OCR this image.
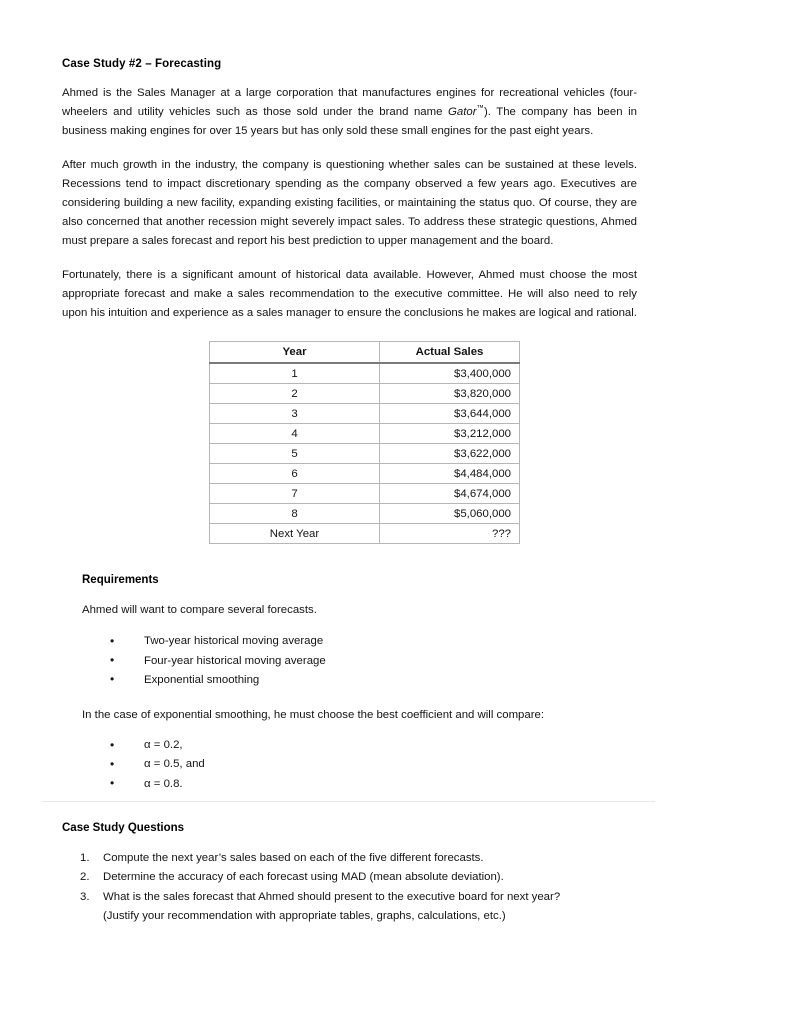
Case Study #2 – Forecasting

Ahmed is the Sales Manager at a large corporation that manufactures engines for recreational vehicles (four-wheelers and utility vehicles such as those sold under the brand name Gator™). The company has been in business making engines for over 15 years but has only sold these small engines for the past eight years.

After much growth in the industry, the company is questioning whether sales can be sustained at these levels. Recessions tend to impact discretionary spending as the company observed a few years ago. Executives are considering building a new facility, expanding existing facilities, or maintaining the status quo. Of course, they are also concerned that another recession might severely impact sales. To address these strategic questions, Ahmed must prepare a sales forecast and report his best prediction to upper management and the board.

Fortunately, there is a significant amount of historical data available. However, Ahmed must choose the most appropriate forecast and make a sales recommendation to the executive committee. He will also need to rely upon his intuition and experience as a sales manager to ensure the conclusions he makes are logical and rational.

Year	Actual Sales
1	$3,400,000
2	$3,820,000
3	$3,644,000
4	$3,212,000
5	$3,622,000
6	$4,484,000
7	$4,674,000
8	$5,060,000
Next Year	???
Requirements

Ahmed will want to compare several forecasts.

• Two-year historical moving average
• Four-year historical moving average
• Exponential smoothing

In the case of exponential smoothing, he must choose the best coefficient and will compare:

• α = 0.2,
• α = 0.5, and
• α = 0.8.
Case Study Questions
Compute the next year’s sales based on each of the five different forecasts.
Determine the accuracy of each forecast using MAD (mean absolute deviation).
What is the sales forecast that Ahmed should present to the executive board for next year?
(Justify your recommendation with appropriate tables, graphs, calculations, etc.)
